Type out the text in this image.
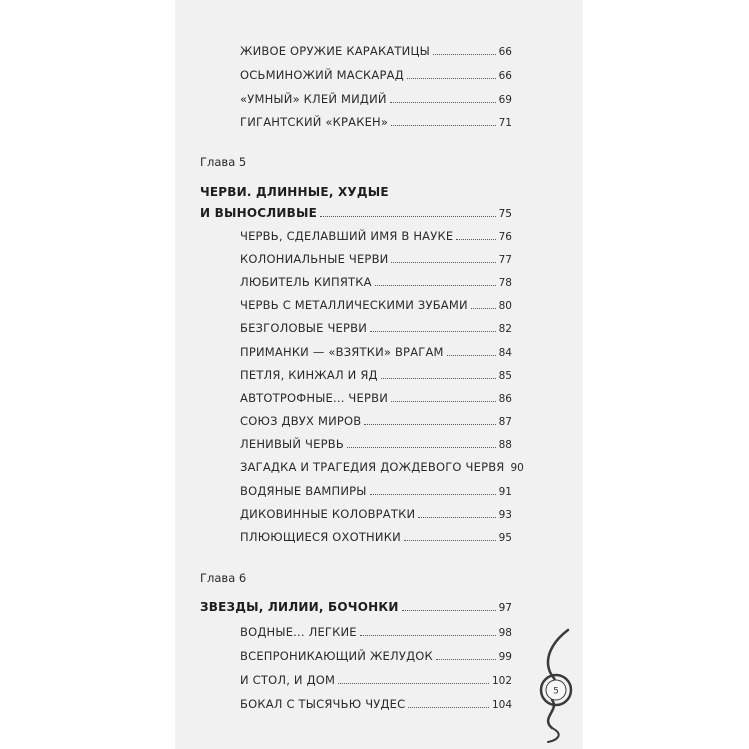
ЖИВОЕ ОРУЖИЕ КАРАКАТИЦЫ	66
ОСЬМИНОЖИЙ МАСКАРАД	66
«УМНЫЙ» КЛЕЙ МИДИЙ	69
ГИГАНТСКИЙ «КРАКЕН»	71
Глава 5
ЧЕРВИ. ДЛИННЫЕ, ХУДЫЕ
И ВЫНОСЛИВЫЕ	75
ЧЕРВЬ, СДЕЛАВШИЙ ИМЯ В НАУКЕ	76
КОЛОНИАЛЬНЫЕ ЧЕРВИ	77
ЛЮБИТЕЛЬ КИПЯТКА	78
ЧЕРВЬ С МЕТАЛЛИЧЕСКИМИ ЗУБАМИ	80
БЕЗГОЛОВЫЕ ЧЕРВИ	82
ПРИМАНКИ — «ВЗЯТКИ» ВРАГАМ	84
ПЕТЛЯ, КИНЖАЛ И ЯД	85
АВТОТРОФНЫЕ... ЧЕРВИ	86
СОЮЗ ДВУХ МИРОВ	87
ЛЕНИВЫЙ ЧЕРВЬ	88
ЗАГАДКА И ТРАГЕДИЯ ДОЖДЕВОГО ЧЕРВЯ 90
ВОДЯНЫЕ ВАМПИРЫ	91
ДИКОВИННЫЕ КОЛОВРАТКИ	93
ПЛЮЮЩИЕСЯ ОХОТНИКИ	95
Глава 6
ЗВЕЗДЫ, ЛИЛИИ, БОЧОНКИ	97
ВОДНЫЕ... ЛЕГКИЕ	98
ВСЕПРОНИКАЮЩИЙ ЖЕЛУДОК	99
И СТОЛ, И ДОМ	102
БОКАЛ С ТЫСЯЧЬЮ ЧУДЕС	104
5
